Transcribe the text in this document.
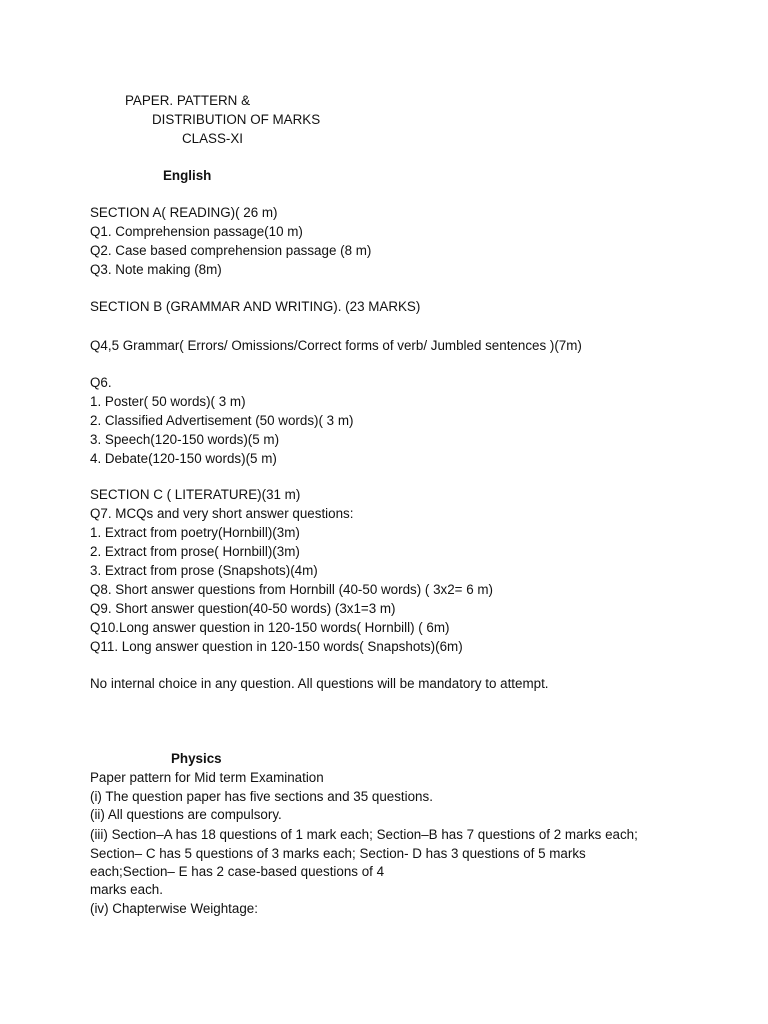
PAPER. PATTERN &

DISTRIBUTION OF MARKS

CLASS-XI

English

SECTION A( READING)( 26 m)

Q1. Comprehension passage(10 m)

Q2. Case based comprehension passage (8 m)

Q3. Note making (8m)

SECTION B (GRAMMAR AND WRITING). (23 MARKS)

Q4,5 Grammar( Errors/ Omissions/Correct forms of verb/ Jumbled sentences )(7m)

Q6.

1. Poster( 50 words)( 3 m)

2. Classified Advertisement (50 words)( 3 m)

3. Speech(120-150 words)(5 m)

4. Debate(120-150 words)(5 m)

SECTION C ( LITERATURE)(31 m)

Q7. MCQs and very short answer questions:

1. Extract from poetry(Hornbill)(3m)

2. Extract from prose( Hornbill)(3m)

3. Extract from prose (Snapshots)(4m)

Q8. Short answer questions from Hornbill (40-50 words) ( 3x2= 6 m)

Q9. Short answer question(40-50 words) (3x1=3 m)

Q10.Long answer question in 120-150 words( Hornbill) ( 6m)

Q11. Long answer question in 120-150 words( Snapshots)(6m)

No internal choice in any question. All questions will be mandatory to attempt.

Physics

Paper pattern for Mid term Examination

(i) The question paper has five sections and 35 questions.

(ii) All questions are compulsory.

(iii) Section–A has 18 questions of 1 mark each; Section–B has 7 questions of 2 marks each;

Section– C has 5 questions of 3 marks each; Section- D has 3 questions of 5 marks

each;Section– E has 2 case-based questions of 4

marks each.

(iv) Chapterwise Weightage:
